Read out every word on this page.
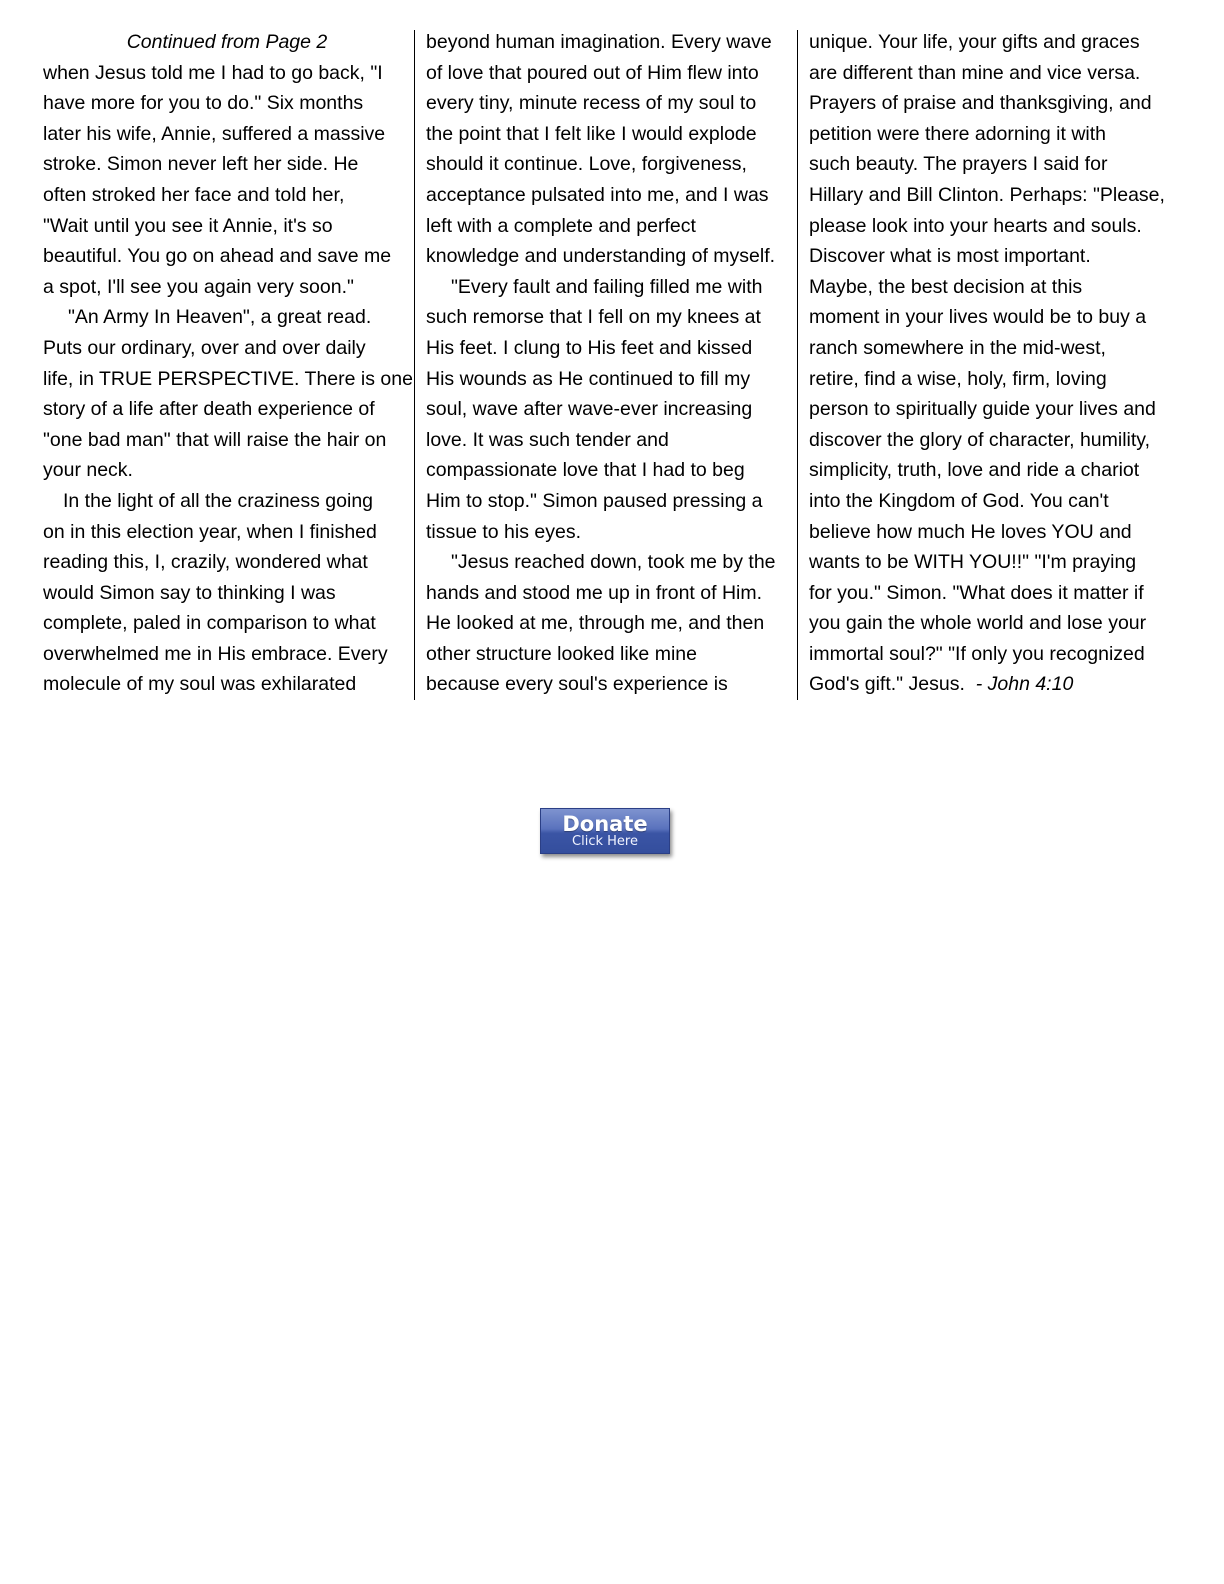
Continued from Page 2
when Jesus told me I had to go back, "I
have more for you to do." Six months
later his wife, Annie, suffered a massive
stroke. Simon never left her side. He
often stroked her face and told her,
"Wait until you see it Annie, it's so
beautiful. You go on ahead and save me
a spot, I'll see you again very soon."
"An Army In Heaven", a great read.
Puts our ordinary, over and over daily
life, in TRUE PERSPECTIVE. There is one
story of a life after death experience of
"one bad man" that will raise the hair on
your neck.
In the light of all the craziness going
on in this election year, when I finished
reading this, I, crazily, wondered what
would Simon say to thinking I was
complete, paled in comparison to what
overwhelmed me in His embrace. Every
molecule of my soul was exhilarated
beyond human imagination. Every wave
of love that poured out of Him flew into
every tiny, minute recess of my soul to
the point that I felt like I would explode
should it continue. Love, forgiveness,
acceptance pulsated into me, and I was
left with a complete and perfect
knowledge and understanding of myself.
"Every fault and failing filled me with
such remorse that I fell on my knees at
His feet. I clung to His feet and kissed
His wounds as He continued to fill my
soul, wave after wave-ever increasing
love. It was such tender and
compassionate love that I had to beg
Him to stop." Simon paused pressing a
tissue to his eyes.
"Jesus reached down, took me by the
hands and stood me up in front of Him.
He looked at me, through me, and then
other structure looked like mine
because every soul's experience is
unique. Your life, your gifts and graces
are different than mine and vice versa.
Prayers of praise and thanksgiving, and
petition were there adorning it with
such beauty. The prayers I said for
Hillary and Bill Clinton. Perhaps: "Please,
please look into your hearts and souls.
Discover what is most important.
Maybe, the best decision at this
moment in your lives would be to buy a
ranch somewhere in the mid-west,
retire, find a wise, holy, firm, loving
person to spiritually guide your lives and
discover the glory of character, humility,
simplicity, truth, love and ride a chariot
into the Kingdom of God. You can't
believe how much He loves YOU and
wants to be WITH YOU!!" "I'm praying
for you." Simon. "What does it matter if
you gain the whole world and lose your
immortal soul?" "If only you recognized
God's gift." Jesus.  - John 4:10
Donate
Click Here
